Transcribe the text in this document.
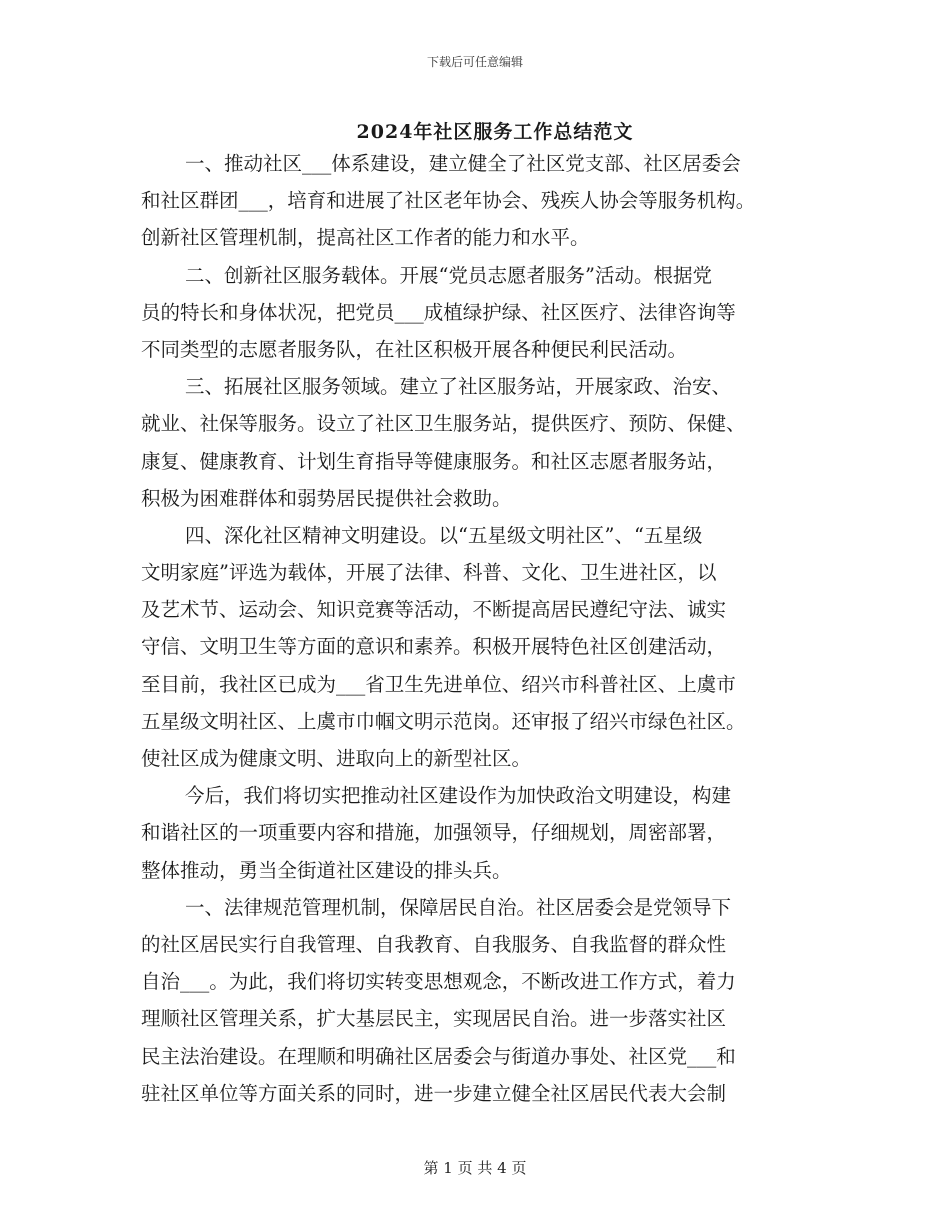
下载后可任意编辑
2024年社区服务工作总结范文
一、推动社区___体系建设，建立健全了社区党支部、社区居委会
和社区群团___，培育和进展了社区老年协会、残疾人协会等服务机构。
创新社区管理机制，提高社区工作者的能力和水平。
二、创新社区服务载体。开展“党员志愿者服务”活动。根据党
员的特长和身体状况，把党员___成植绿护绿、社区医疗、法律咨询等
不同类型的志愿者服务队，在社区积极开展各种便民利民活动。
三、拓展社区服务领域。建立了社区服务站，开展家政、治安、
就业、社保等服务。设立了社区卫生服务站，提供医疗、预防、保健、
康复、健康教育、计划生育指导等健康服务。和社区志愿者服务站，
积极为困难群体和弱势居民提供社会救助。
四、深化社区精神文明建设。以“五星级文明社区”、“五星级
文明家庭”评选为载体，开展了法律、科普、文化、卫生进社区，以
及艺术节、运动会、知识竞赛等活动，不断提高居民遵纪守法、诚实
守信、文明卫生等方面的意识和素养。积极开展特色社区创建活动，
至目前，我社区已成为___省卫生先进单位、绍兴市科普社区、上虞市
五星级文明社区、上虞市巾帼文明示范岗。还审报了绍兴市绿色社区。
使社区成为健康文明、进取向上的新型社区。
今后，我们将切实把推动社区建设作为加快政治文明建设，构建
和谐社区的一项重要内容和措施，加强领导，仔细规划，周密部署，
整体推动，勇当全街道社区建设的排头兵。
一、法律规范管理机制，保障居民自治。社区居委会是党领导下
的社区居民实行自我管理、自我教育、自我服务、自我监督的群众性
自治___。为此，我们将切实转变思想观念，不断改进工作方式，着力
理顺社区管理关系，扩大基层民主，实现居民自治。进一步落实社区
民主法治建设。在理顺和明确社区居委会与街道办事处、社区党___和
驻社区单位等方面关系的同时，进一步建立健全社区居民代表大会制
第 1 页 共 4 页
